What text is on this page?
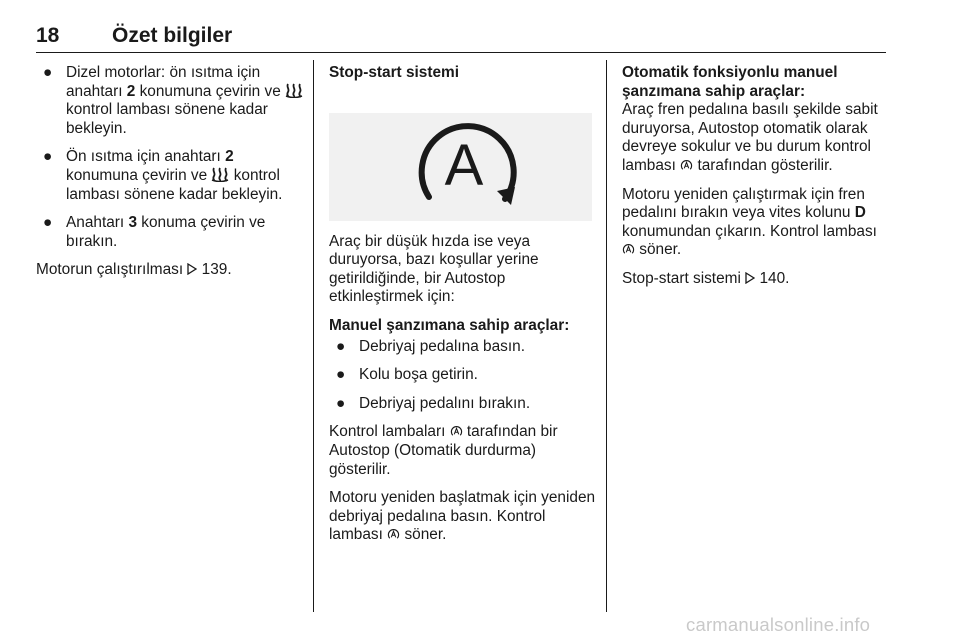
18	Özet bilgiler
● Dizel motorlar: ön ısıtma için anahtarı 2 konumuna çevirin ve  kontrol lambası sönene kadar bekleyin.
● Ön ısıtma için anahtarı 2 konumuna çevirin ve  kontrol lambası sönene kadar bekleyin.
● Anahtarı 3 konuma çevirin ve bırakın.

Motorun çalıştırılması 139.

Stop-start sistemi

A

Araç bir düşük hızda ise veya duruyorsa, bazı koşullar yerine getirildiğinde, bir Autostop etkinleştirmek için:

Manuel şanzımana sahip araçlar:

● Debriyaj pedalına basın.
● Kolu boşa getirin.
● Debriyaj pedalını bırakın.

Kontrol lambaları tarafından bir Autostop (Otomatik durdurma) gösterilir.

Motoru yeniden başlatmak için yeniden debriyaj pedalına basın. Kontrol lambası söner.

Otomatik fonksiyonlu manuel şanzımana sahip araçlar:

Araç fren pedalına basılı şekilde sabit duruyorsa, Autostop otomatik olarak devreye sokulur ve bu durum kontrol lambası tarafından gösterilir.

Motoru yeniden çalıştırmak için fren pedalını bırakın veya vites kolunu D konumundan çıkarın. Kontrol lambası  söner.

Stop-start sistemi 140.

carmanualsonline.info
